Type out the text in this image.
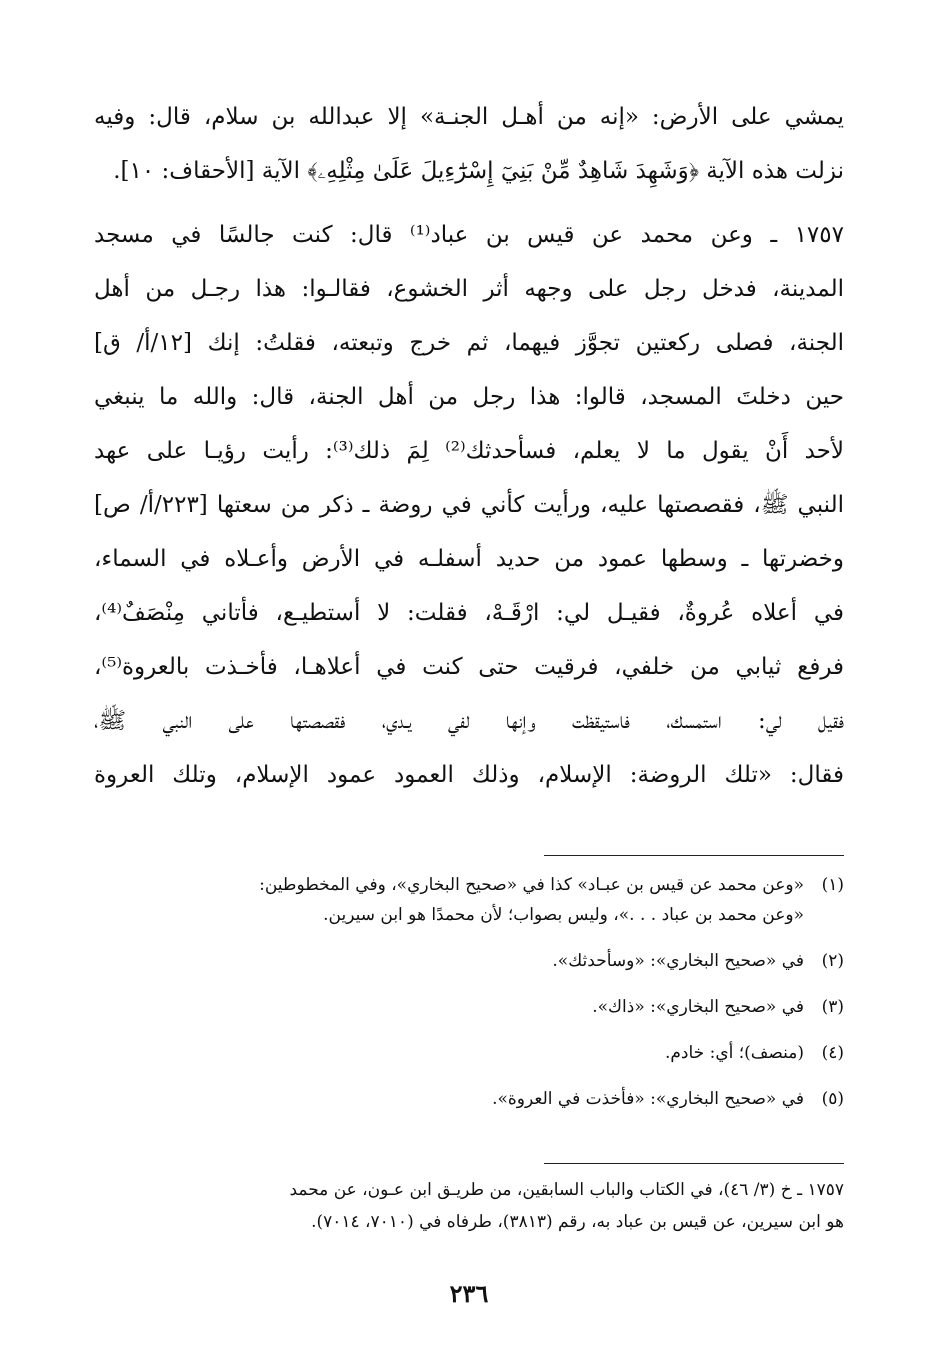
يمشي على الأرض: «إنه من أهـل الجنـة» إلا عبدالله بن سلام، قال: وفيه
نزلت هذه الآية ﴿وَشَهِدَ شَاهِدٌ مِّنْ بَنِيٓ إِسْرَٰٓءِيلَ عَلَىٰ مِثْلِهِۦ﴾ الآية [الأحقاف: ١٠].
١٧٥٧ ـ وعن محمد عن قيس بن عباد⁽¹⁾ قال: كنت جالسًا في مسجد
المدينة، فدخل رجل على وجهه أثر الخشوع، فقالـوا: هذا رجـل من أهل
الجنة، فصلى ركعتين تجوَّز فيهما، ثم خرج وتبعته، فقلتُ: إنك [١٢/أ/ ق]
حين دخلتَ المسجد، قالوا: هذا رجل من أهل الجنة، قال: والله ما ينبغي
لأحد أَنْ يقول ما لا يعلم، فسأحدثك⁽²⁾ لِمَ ذلك⁽³⁾: رأيت رؤيـا على عهد
النبي ﷺ، فقصصتها عليه، ورأيت كأني في روضة ـ ذكر من سعتها [٢٢٣/أ/ ص]
وخضرتها ـ وسطها عمود من حديد أسفلـه في الأرض وأعـلاه في السماء،
في أعلاه عُروةٌ، فقيـل لي: ارْقَـهْ، فقلت: لا أستطيـع، فأتاني مِنْصَفٌ⁽⁴⁾،
فرفع ثيابي من خلفي، فرقيت حتى كنت في أعلاهـا، فأخـذت بالعروة⁽⁵⁾،
فقيل لي: استمسك، فاستيقظت وإنها لفي يـدي، فقصصتها على النبي ﷺ،
فقال: «تلك الروضة: الإسلام، وذلك العمود عمود الإسلام، وتلك العروة
(١)
«وعن محمد عن قيس بن عبـاد» كذا في «صحيح البخاري»، وفي المخطوطين:
«وعن محمد بن عباد . . .»، وليس بصواب؛ لأن محمدًا هو ابن سيرين.
(٢)
في «صحيح البخاري»: «وسأحدثك».
(٣)
في «صحيح البخاري»: «ذاك».
(٤)
(منصف)؛ أي: خادم.
(٥)
في «صحيح البخاري»: «فأخذت في العروة».
١٧٥٧ ـ خ (٣/ ٤٦)، في الكتاب والباب السابقين، من طريـق ابن عـون، عن محمد
هو ابن سيرين، عن قيس بن عباد به، رقم (٣٨١٣)، طرفاه في (٧٠١٠، ٧٠١٤).
٢٣٦
